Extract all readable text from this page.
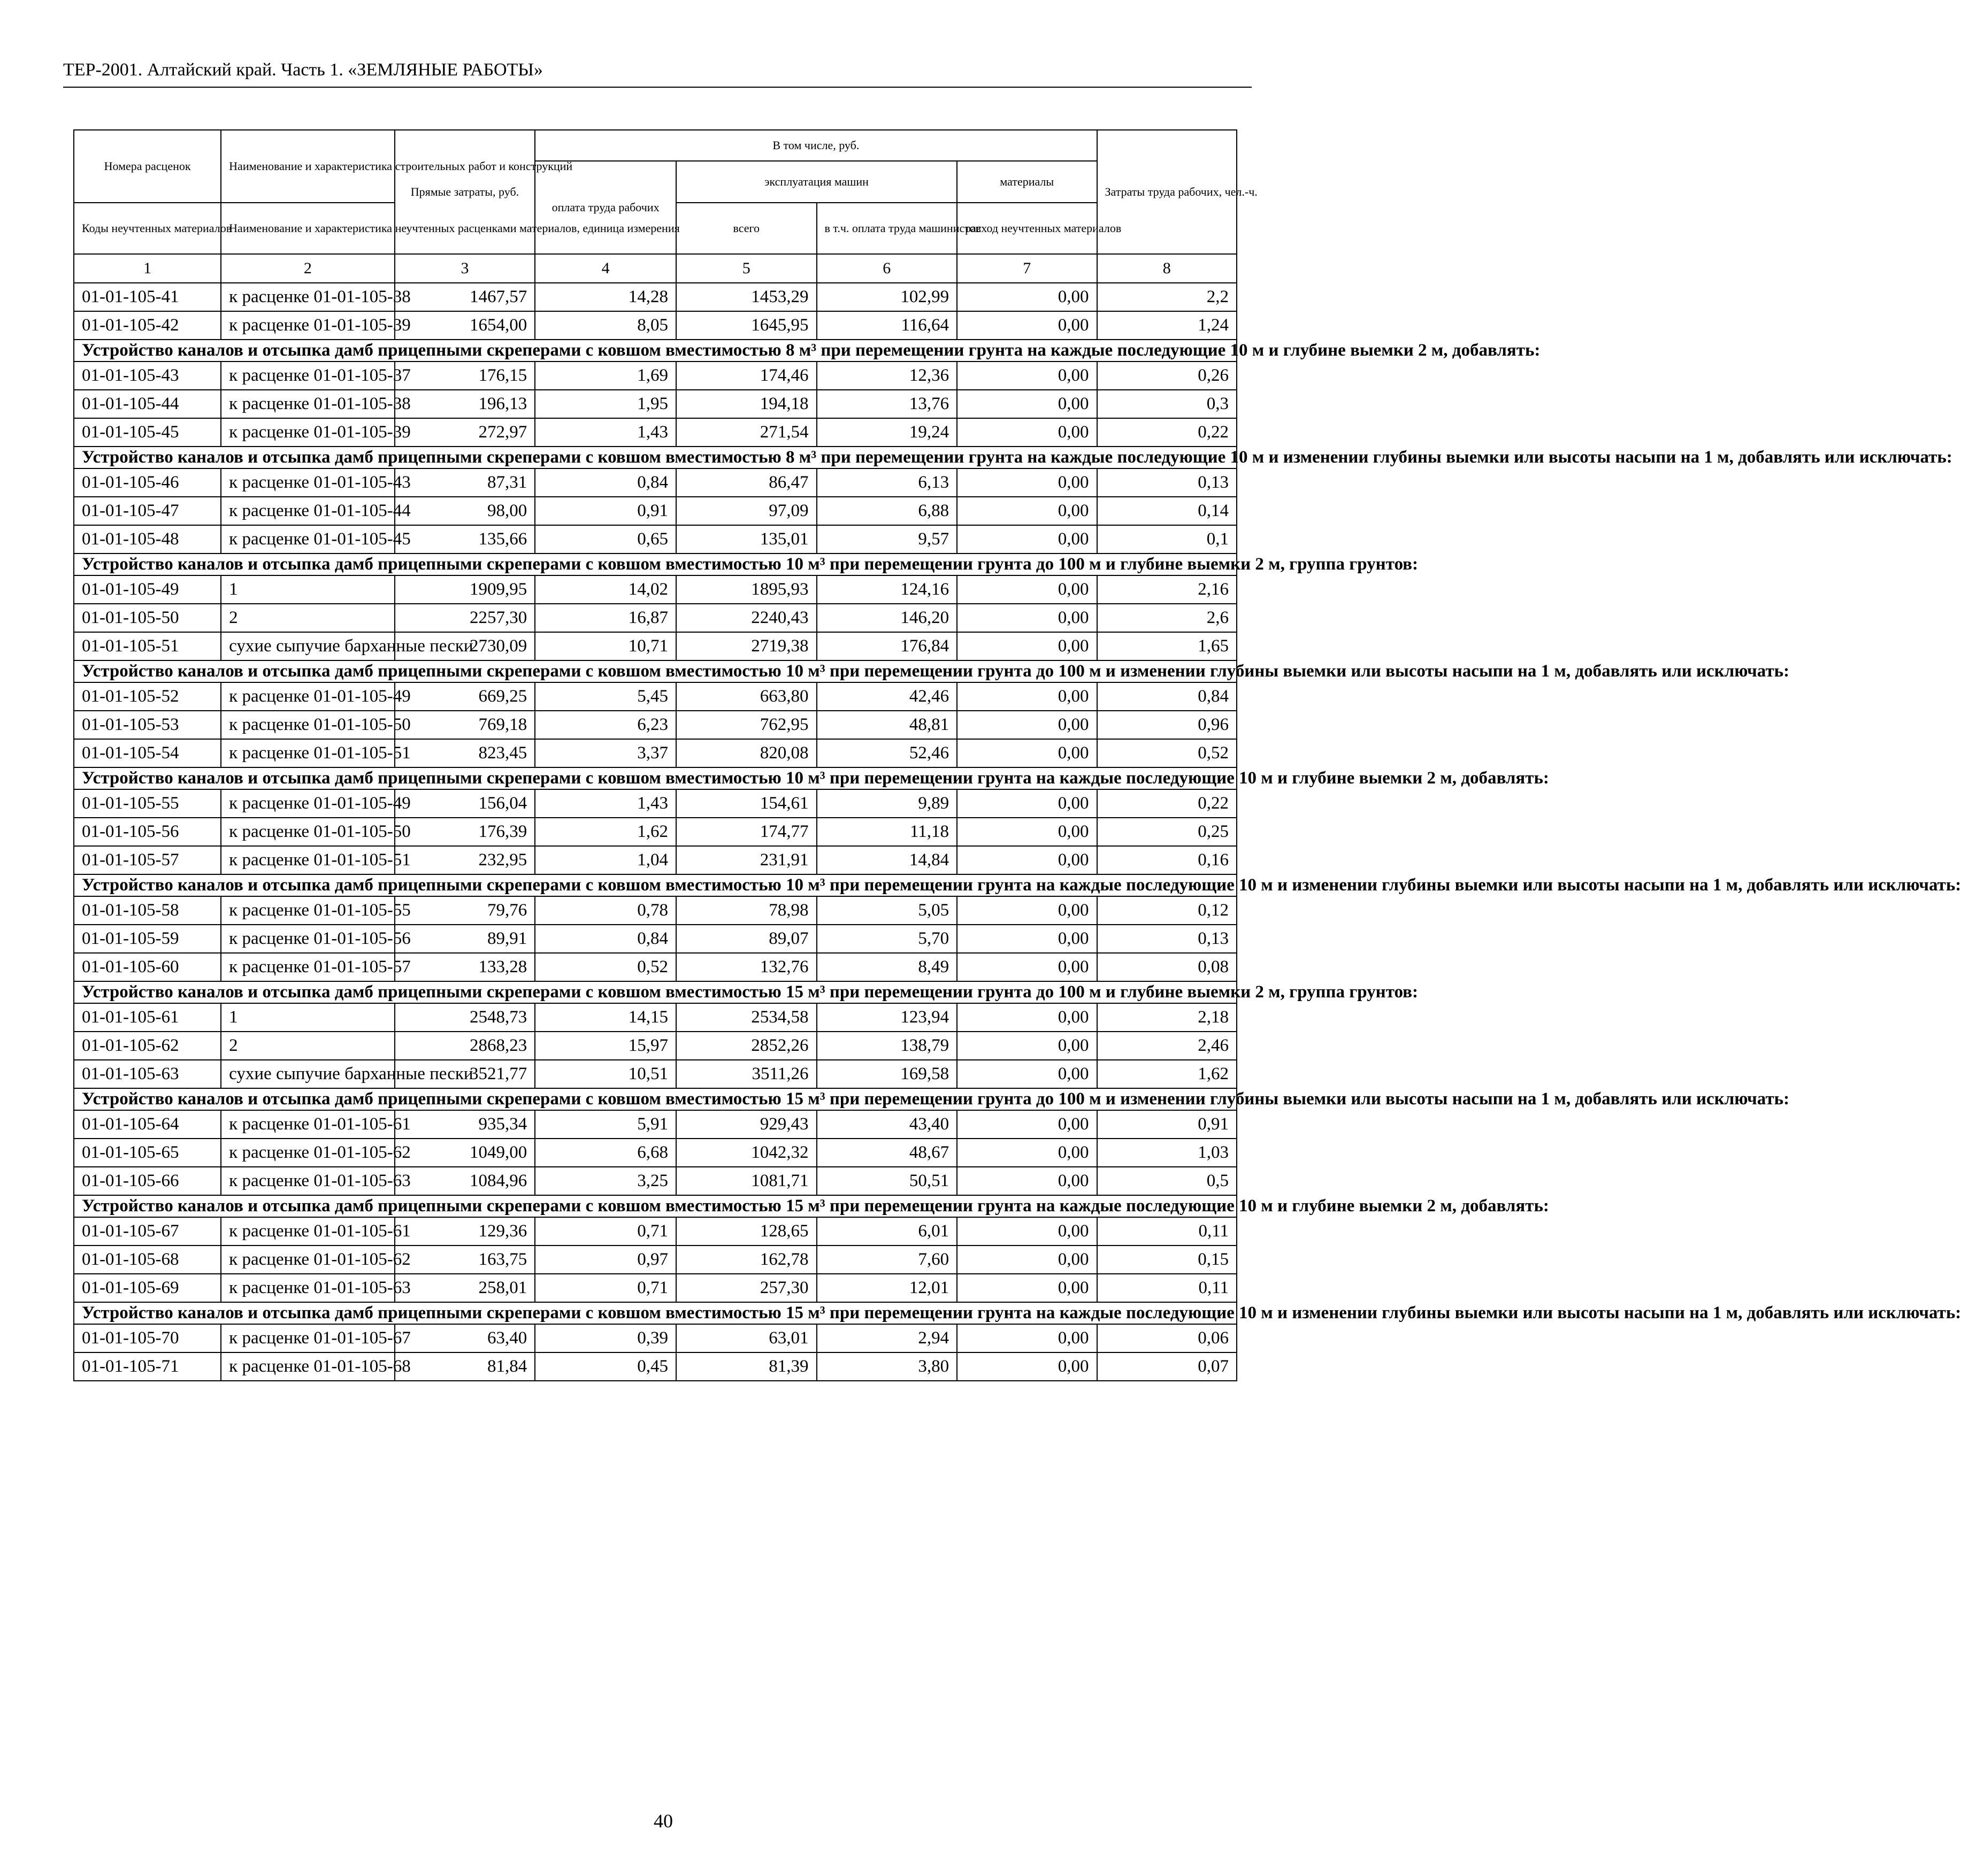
ТЕР-2001. Алтайский край. Часть 1. «ЗЕМЛЯНЫЕ РАБОТЫ»
Номера расценок	Наименование и характеристика строительных работ и конструкций	Прямые затраты, руб.	В том числе, руб.				Затраты труда рабочих, чел.-ч.
			оплата труда рабочих	эксплуатация машин		материалы	
Коды неучтенных материалов	Наименование и характеристика неучтенных расценками материалов, единица измерения			всего	в т.ч. оплата труда машинистов	расход неучтенных материалов	
1	2	3	4	5	6	7	8
01-01-105-41	к расценке 01-01-105-38	1467,57	14,28	1453,29	102,99	0,00	2,2
01-01-105-42	к расценке 01-01-105-39	1654,00	8,05	1645,95	116,64	0,00	1,24
Устройство каналов и отсыпка дамб прицепными скреперами с ковшом вместимостью 8 м³ при перемещении грунта на каждые последующие 10 м и глубине выемки 2 м, добавлять:							
01-01-105-43	к расценке 01-01-105-37	176,15	1,69	174,46	12,36	0,00	0,26
01-01-105-44	к расценке 01-01-105-38	196,13	1,95	194,18	13,76	0,00	0,3
01-01-105-45	к расценке 01-01-105-39	272,97	1,43	271,54	19,24	0,00	0,22
Устройство каналов и отсыпка дамб прицепными скреперами с ковшом вместимостью 8 м³ при перемещении грунта на каждые последующие 10 м и изменении глубины выемки или высоты насыпи на 1 м, добавлять или исключать:							
01-01-105-46	к расценке 01-01-105-43	87,31	0,84	86,47	6,13	0,00	0,13
01-01-105-47	к расценке 01-01-105-44	98,00	0,91	97,09	6,88	0,00	0,14
01-01-105-48	к расценке 01-01-105-45	135,66	0,65	135,01	9,57	0,00	0,1
Устройство каналов и отсыпка дамб прицепными скреперами с ковшом вместимостью 10 м³ при перемещении грунта до 100 м и глубине выемки 2 м, группа грунтов:							
01-01-105-49	1	1909,95	14,02	1895,93	124,16	0,00	2,16
01-01-105-50	2	2257,30	16,87	2240,43	146,20	0,00	2,6
01-01-105-51	сухие сыпучие барханные пески	2730,09	10,71	2719,38	176,84	0,00	1,65
Устройство каналов и отсыпка дамб прицепными скреперами с ковшом вместимостью 10 м³ при перемещении грунта до 100 м и изменении глубины выемки или высоты насыпи на 1 м, добавлять или исключать:							
01-01-105-52	к расценке 01-01-105-49	669,25	5,45	663,80	42,46	0,00	0,84
01-01-105-53	к расценке 01-01-105-50	769,18	6,23	762,95	48,81	0,00	0,96
01-01-105-54	к расценке 01-01-105-51	823,45	3,37	820,08	52,46	0,00	0,52
Устройство каналов и отсыпка дамб прицепными скреперами с ковшом вместимостью 10 м³ при перемещении грунта на каждые последующие 10 м и глубине выемки 2 м, добавлять:							
01-01-105-55	к расценке 01-01-105-49	156,04	1,43	154,61	9,89	0,00	0,22
01-01-105-56	к расценке 01-01-105-50	176,39	1,62	174,77	11,18	0,00	0,25
01-01-105-57	к расценке 01-01-105-51	232,95	1,04	231,91	14,84	0,00	0,16
Устройство каналов и отсыпка дамб прицепными скреперами с ковшом вместимостью 10 м³ при перемещении грунта на каждые последующие 10 м и изменении глубины выемки или высоты насыпи на 1 м, добавлять или исключать:							
01-01-105-58	к расценке 01-01-105-55	79,76	0,78	78,98	5,05	0,00	0,12
01-01-105-59	к расценке 01-01-105-56	89,91	0,84	89,07	5,70	0,00	0,13
01-01-105-60	к расценке 01-01-105-57	133,28	0,52	132,76	8,49	0,00	0,08
Устройство каналов и отсыпка дамб прицепными скреперами с ковшом вместимостью 15 м³ при перемещении грунта до 100 м и глубине выемки 2 м, группа грунтов:							
01-01-105-61	1	2548,73	14,15	2534,58	123,94	0,00	2,18
01-01-105-62	2	2868,23	15,97	2852,26	138,79	0,00	2,46
01-01-105-63	сухие сыпучие барханные пески	3521,77	10,51	3511,26	169,58	0,00	1,62
Устройство каналов и отсыпка дамб прицепными скреперами с ковшом вместимостью 15 м³ при перемещении грунта до 100 м и изменении глубины выемки или высоты насыпи на 1 м, добавлять или исключать:							
01-01-105-64	к расценке 01-01-105-61	935,34	5,91	929,43	43,40	0,00	0,91
01-01-105-65	к расценке 01-01-105-62	1049,00	6,68	1042,32	48,67	0,00	1,03
01-01-105-66	к расценке 01-01-105-63	1084,96	3,25	1081,71	50,51	0,00	0,5
Устройство каналов и отсыпка дамб прицепными скреперами с ковшом вместимостью 15 м³ при перемещении грунта на каждые последующие 10 м и глубине выемки 2 м, добавлять:							
01-01-105-67	к расценке 01-01-105-61	129,36	0,71	128,65	6,01	0,00	0,11
01-01-105-68	к расценке 01-01-105-62	163,75	0,97	162,78	7,60	0,00	0,15
01-01-105-69	к расценке 01-01-105-63	258,01	0,71	257,30	12,01	0,00	0,11
Устройство каналов и отсыпка дамб прицепными скреперами с ковшом вместимостью 15 м³ при перемещении грунта на каждые последующие 10 м и изменении глубины выемки или высоты насыпи на 1 м, добавлять или исключать:							
01-01-105-70	к расценке 01-01-105-67	63,40	0,39	63,01	2,94	0,00	0,06
01-01-105-71	к расценке 01-01-105-68	81,84	0,45	81,39	3,80	0,00	0,07
40
